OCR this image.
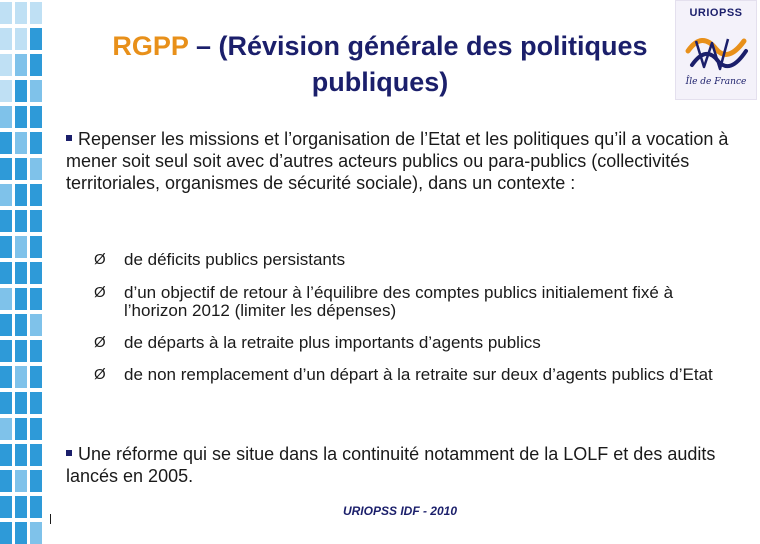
RGPP – (Révision générale des politiques publiques)
URIOPSS
Île de France
Repenser les missions et l’organisation de l’Etat et les politiques qu’il a vocation à mener soit seul soit avec d’autres acteurs publics ou para-publics (collectivités territoriales, organismes de sécurité sociale), dans un contexte :
Ø	de déficits publics persistants
Ø	d’un objectif de retour à l’équilibre des comptes publics initialement fixé à l’horizon 2012 (limiter les dépenses)
Ø	de départs à la retraite plus importants d’agents publics
Ø	de non remplacement d’un départ à la retraite sur deux d’agents publics d’Etat
Une réforme qui se situe dans la continuité notamment de la LOLF et des audits lancés en 2005.
URIOPSS IDF - 2010
